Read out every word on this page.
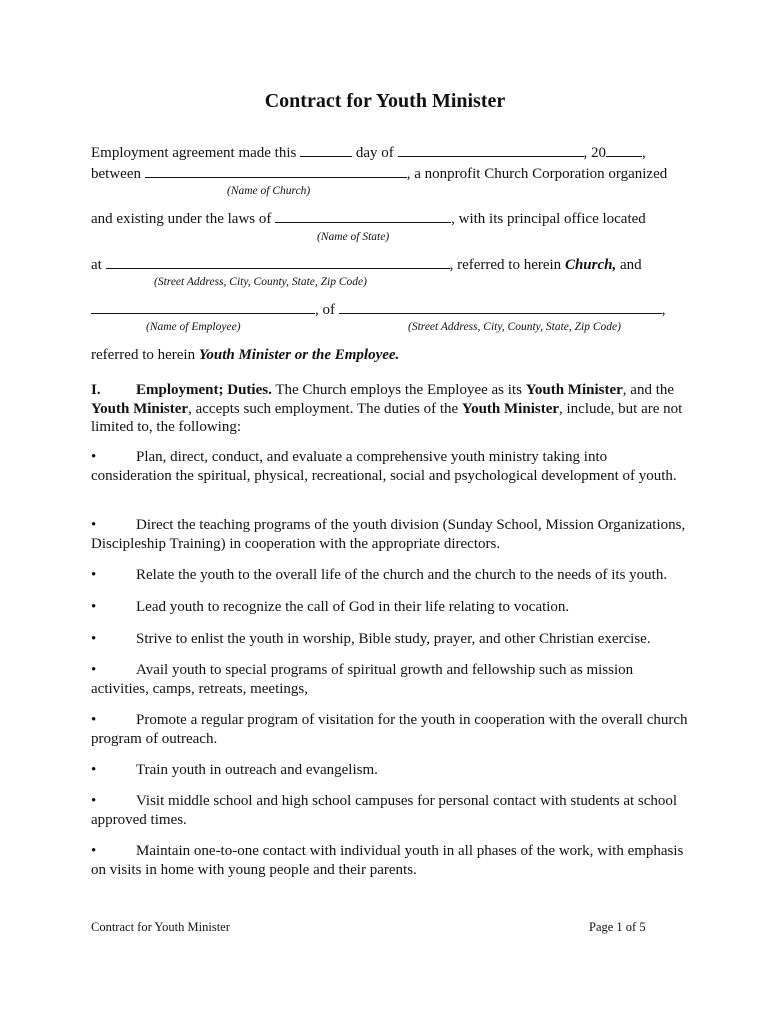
Contract for Youth Minister
Employment agreement made this	day of	, 20 ,
between	, a nonprofit Church Corporation organized
(Name of Church)
and existing under the laws of	, with its principal office located
(Name of State)
at	, referred to herein Church, and
(Street Address, City, County, State, Zip Code)
, of	,
(Name of Employee)	(Street Address, City, County, State, Zip Code)
referred to herein Youth Minister or the Employee.
I. Employment; Duties. The Church employs the Employee as its Youth Minister, and the Youth Minister, accepts such employment. The duties of the Youth Minister, include, but are not limited to, the following:
•	Plan, direct, conduct, and evaluate a comprehensive youth ministry taking into consideration the spiritual, physical, recreational, social and psychological development of youth.
•	Direct the teaching programs of the youth division (Sunday School, Mission Organizations, Discipleship Training) in cooperation with the appropriate directors.
•	Relate the youth to the overall life of the church and the church to the needs of its youth.
•	Lead youth to recognize the call of God in their life relating to vocation.
•	Strive to enlist the youth in worship, Bible study, prayer, and other Christian exercise.
•	Avail youth to special programs of spiritual growth and fellowship such as mission activities, camps, retreats, meetings,
•	Promote a regular program of visitation for the youth in cooperation with the overall church program of outreach.
•	Train youth in outreach and evangelism.
•	Visit middle school and high school campuses for personal contact with students at school approved times.
•	Maintain one-to-one contact with individual youth in all phases of the work, with emphasis on visits in home with young people and their parents.
Contract for Youth Minister	Page 1 of 5
